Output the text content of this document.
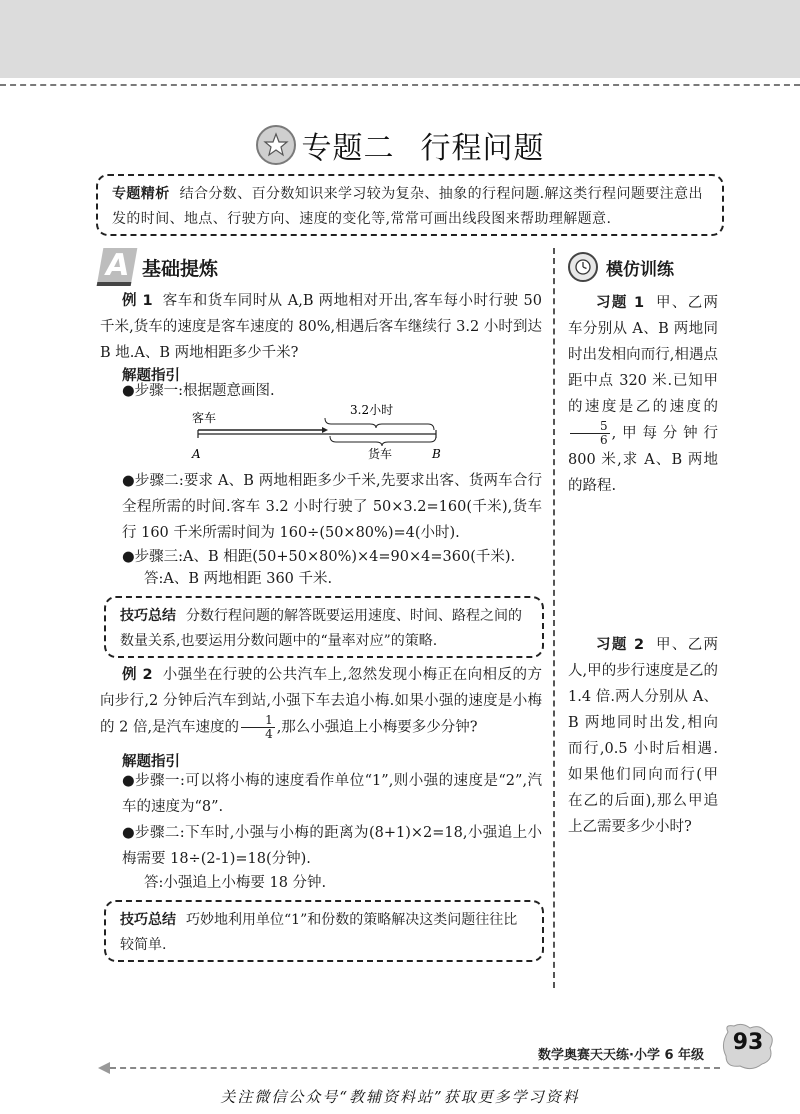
专题二 行程问题
专题精析 结合分数、百分数知识来学习较为复杂、抽象的行程问题.解这类行程问题要注意出发的时间、地点、行驶方向、速度的变化等,常常可画出线段图来帮助理解题意.
A 基础提炼	模仿训练
例 1 客车和货车同时从 A,B 两地相对开出,客车每小时行驶 50 千米,货车的速度是客车速度的 80%,相遇后客车继续行 3.2 小时到达 B 地.A、B 两地相距多少千米?
解题指引
●步骤一:根据题意画图.
客车
3.2小时
A	货车	B
●步骤二:要求 A、B 两地相距多少千米,先要求出客、货两车合行全程所需的时间.客车 3.2 小时行驶了 50×3.2=160(千米),货车行 160 千米所需时间为 160÷(50×80%)=4(小时).
●步骤三:A、B 相距(50+50×80%)×4=90×4=360(千米).
答:A、B 两地相距 360 千米.
技巧总结 分数行程问题的解答既要运用速度、时间、路程之间的数量关系,也要运用分数问题中的“量率对应”的策略.
例 2 小强坐在行驶的公共汽车上,忽然发现小梅正在向相反的方向步行,2 分钟后汽车到站,小强下车去追小梅.如果小强的速度是小梅的 2 倍,是汽车速度的 $\frac{1}{4}$ ,那么小强追上小梅要多少分钟?
解题指引
●步骤一:可以将小梅的速度看作单位“1”,则小强的速度是“2”,汽车的速度为“8”.
●步骤二:下车时,小强与小梅的距离为(8+1)×2=18,小强追上小梅需要 18÷(2-1)=18(分钟).
答:小强追上小梅要 18 分钟.
技巧总结 巧妙地利用单位“1”和份数的策略解决这类问题往往比较简单.
习题 1 甲、乙两车分别从 A、B 两地同时出发相向而行,相遇点距中点 320 米.已知甲的速度是乙的速度的
$\frac{5}{6}$ ,甲每分钟行 800 米,求 A、B 两地的路程.
习题 2 甲、乙两人,甲的步行速度是乙的 1.4 倍.两人分别从 A、B 两地同时出发,相向而行,0.5 小时后相遇.如果他们同向而行(甲在乙的后面),那么甲追上乙需要多少小时?
数学奥赛天天练·小学 6 年级
93
关注微信公众号“教辅资料站”获取更多学习资料
